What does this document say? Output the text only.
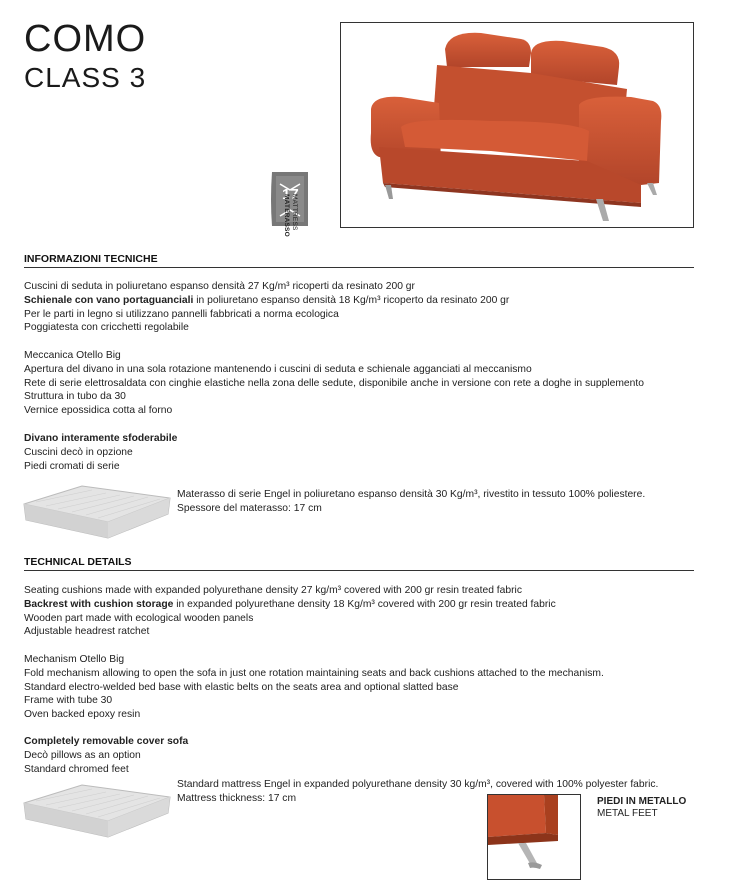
COMO
CLASS 3
17
MATERASSO MATTRESS
INFORMAZIONI TECNICHE
Cuscini di seduta in poliuretano espanso densità 27 Kg/m³ ricoperti da resinato 200 gr
Schienale con vano portaguanciali in poliuretano espanso densità 18 Kg/m³ ricoperto da resinato 200 gr
Per le parti in legno si utilizzano pannelli fabbricati a norma ecologica
Poggiatesta con cricchetti regolabile
Meccanica Otello Big
Apertura del divano in una sola rotazione mantenendo i cuscini di seduta e schienale agganciati al meccanismo
Rete di serie elettrosaldata con cinghie elastiche nella zona delle sedute, disponibile anche in versione con rete a doghe in supplemento
Struttura in tubo da 30
Vernice epossidica cotta al forno
Divano interamente sfoderabile
Cuscini decò in opzione
Piedi cromati di serie
Materasso di serie Engel in poliuretano espanso densità 30 Kg/m³, rivestito in tessuto 100% poliestere.
Spessore del materasso: 17 cm
TECHNICAL DETAILS
Seating cushions made with expanded polyurethane density 27 kg/m³ covered with 200 gr resin treated fabric
Backrest with cushion storage in expanded polyurethane density 18 Kg/m³ covered with 200 gr resin treated fabric
Wooden part made with ecological wooden panels
Adjustable headrest ratchet
Mechanism Otello Big
Fold mechanism allowing to open the sofa in just one rotation maintaining seats and back cushions attached to the mechanism.
Standard electro-welded bed base with elastic belts on the seats area and optional slatted base
Frame with tube 30
Oven backed epoxy resin
Completely removable cover sofa
Decò pillows as an option
Standard chromed feet
Standard mattress Engel in expanded polyurethane density 30 kg/m³, covered with 100% polyester fabric.
Mattress thickness: 17 cm	PIEDI IN METALLO
METAL FEET
